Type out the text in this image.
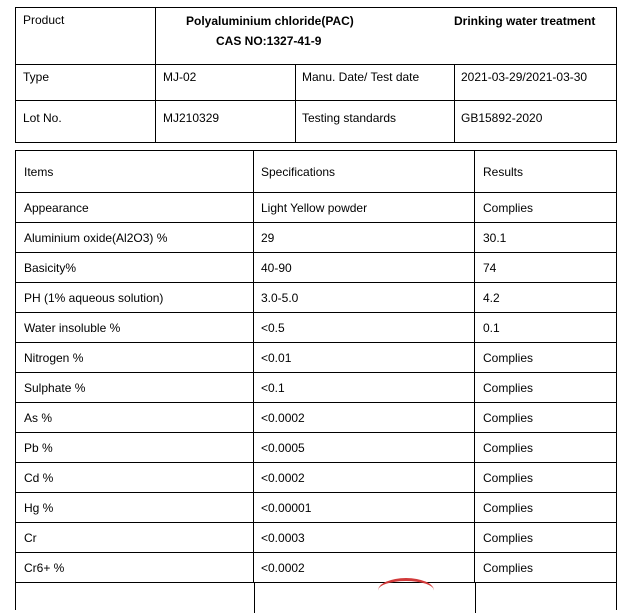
Product	Polyaluminium chloride(PAC)
CAS NO:1327-41-9
Drinking water treatment
Type	MJ-02	Manu. Date/ Test date	2021-03-29/2021-03-30
Lot No.	MJ210329	Testing standards	GB15892-2020
Items	Specifications	Results
Appearance	Light Yellow powder	Complies
Aluminium oxide(Al2O3) %	29	30.1
Basicity%	40-90	74
PH (1% aqueous solution)	3.0-5.0	4.2
Water insoluble %	<0.5	0.1
Nitrogen %	<0.01	Complies
Sulphate %	<0.1	Complies
As %	<0.0002	Complies
Pb %	<0.0005	Complies
Cd %	<0.0002	Complies
Hg %	<0.00001	Complies
Cr	<0.0003	Complies
Cr6+ %	<0.0002	Complies
